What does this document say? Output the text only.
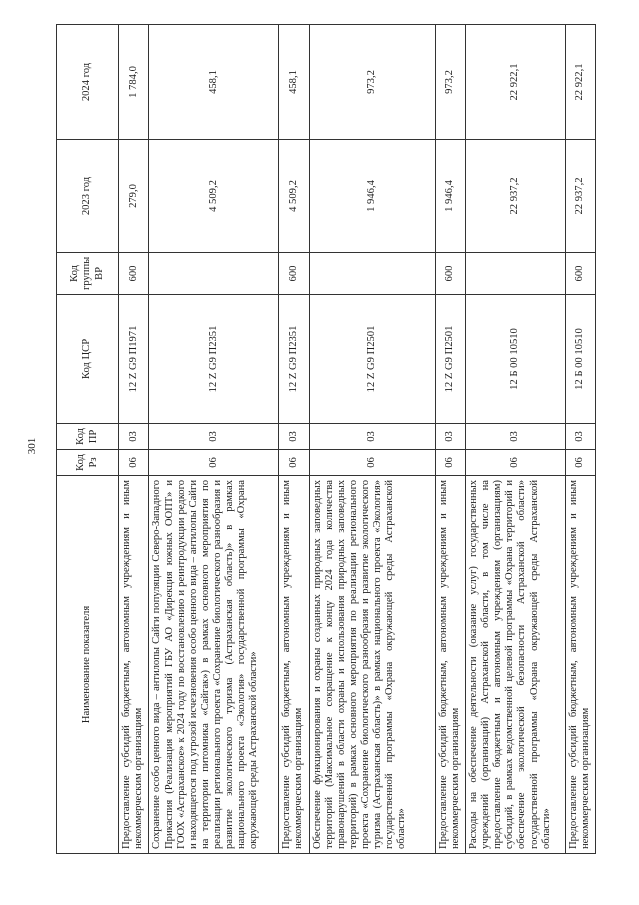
301
Наименование показателя	Код Рз	Код ПР	Код ЦСР	Код группы ВР	2023 год	2024 год
Предоставление субсидий бюджетным, автономным учреждениям и иным некоммерческим организациям	06	03	12 Z G9 П1971	600	279,0	1 784,0
Сохранение особо ценного вида – антилопы Сайги популяции Северо-Западного Прикаспия (Реализация мероприятий ГБУ АО «Дирекция южных ООПТ» и ГООХ «Астраханское» к 2024 году по восстановлению и реинтродукции редкого и находящегося под угрозой исчезновения особо ценного вида – антилопы Сайги на территории питомника «Сайгак») в рамках основного мероприятия по реализации регионального проекта «Сохранение биологического разнообразия и развитие экологического туризма (Астраханская область)» в рамках национального проекта «Экология» государственной программы «Охрана окружающей среды Астраханской области»	06	03	12 Z G9 П2351		4 509,2	458,1
Предоставление субсидий бюджетным, автономным учреждениям и иным некоммерческим организациям	06	03	12 Z G9 П2351	600	4 509,2	458,1
Обеспечение функционирования и охраны созданных природных заповедных территорий (Максимальное сокращение к концу 2024 года количества правонарушений в области охраны и использования природных заповедных территорий) в рамках основного мероприятия по реализации регионального проекта «Сохранение биологического разнообразия и развитие экологического туризма (Астраханская область)» в рамках национального проекта «Экология» государственной программы «Охрана окружающей среды Астраханской области»	06	03	12 Z G9 П2501		1 946,4	973,2
Предоставление субсидий бюджетным, автономным учреждениям и иным некоммерческим организациям	06	03	12 Z G9 П2501	600	1 946,4	973,2
Расходы на обеспечение деятельности (оказание услуг) государственных учреждений (организаций) Астраханской области, в том числе на предоставление бюджетным и автономным учреждениям (организациям) субсидий, в рамках ведомственной целевой программы «Охрана территорий и обеспечение экологической безопасности Астраханской области» государственной программы «Охрана окружающей среды Астраханской области»	06	03	12 Б 00 10510		22 937,2	22 922,1
Предоставление субсидий бюджетным, автономным учреждениям и иным некоммерческим организациям	06	03	12 Б 00 10510	600	22 937,2	22 922,1
